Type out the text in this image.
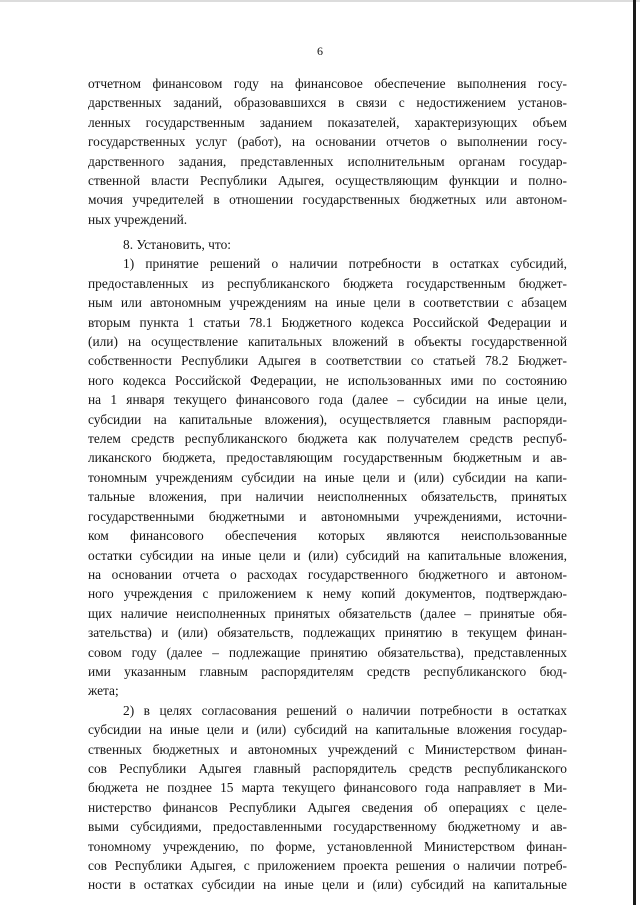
6
отчетном финансовом году на финансовое обеспечение выполнения госу-
дарственных заданий, образовавшихся в связи с недостижением установ-
ленных государственным заданием показателей, характеризующих объем
государственных услуг (работ), на основании отчетов о выполнении госу-
дарственного задания, представленных исполнительным органам государ-
ственной власти Республики Адыгея, осуществляющим функции и полно-
мочия учредителей в отношении государственных бюджетных или автоном-
ных учреждений.
8. Установить, что:
1) принятие решений о наличии потребности в остатках субсидий,
предоставленных из республиканского бюджета государственным бюджет-
ным или автономным учреждениям на иные цели в соответствии с абзацем
вторым пункта 1 статьи 78.1 Бюджетного кодекса Российской Федерации и
(или) на осуществление капитальных вложений в объекты государственной
собственности Республики Адыгея в соответствии со статьей 78.2 Бюджет-
ного кодекса Российской Федерации, не использованных ими по состоянию
на 1 января текущего финансового года (далее – субсидии на иные цели,
субсидии на капитальные вложения), осуществляется главным распоряди-
телем средств республиканского бюджета как получателем средств респуб-
ликанского бюджета, предоставляющим государственным бюджетным и ав-
тономным учреждениям субсидии на иные цели и (или) субсидии на капи-
тальные вложения, при наличии неисполненных обязательств, принятых
государственными бюджетными и автономными учреждениями, источни-
ком финансового обеспечения которых являются неиспользованные
остатки субсидии на иные цели и (или) субсидий на капитальные вложения,
на основании отчета о расходах государственного бюджетного и автоном-
ного учреждения с приложением к нему копий документов, подтверждаю-
щих наличие неисполненных принятых обязательств (далее – принятые обя-
зательства) и (или) обязательств, подлежащих принятию в текущем финан-
совом году (далее – подлежащие принятию обязательства), представленных
ими указанным главным распорядителям средств республиканского бюд-
жета;
2) в целях согласования решений о наличии потребности в остатках
субсидии на иные цели и (или) субсидий на капитальные вложения государ-
ственных бюджетных и автономных учреждений с Министерством финан-
сов Республики Адыгея главный распорядитель средств республиканского
бюджета не позднее 15 марта текущего финансового года направляет в Ми-
нистерство финансов Республики Адыгея сведения об операциях с целе-
выми субсидиями, предоставленными государственному бюджетному и ав-
тономному учреждению, по форме, установленной Министерством финан-
сов Республики Адыгея, с приложением проекта решения о наличии потреб-
ности в остатках субсидии на иные цели и (или) субсидий на капитальные
